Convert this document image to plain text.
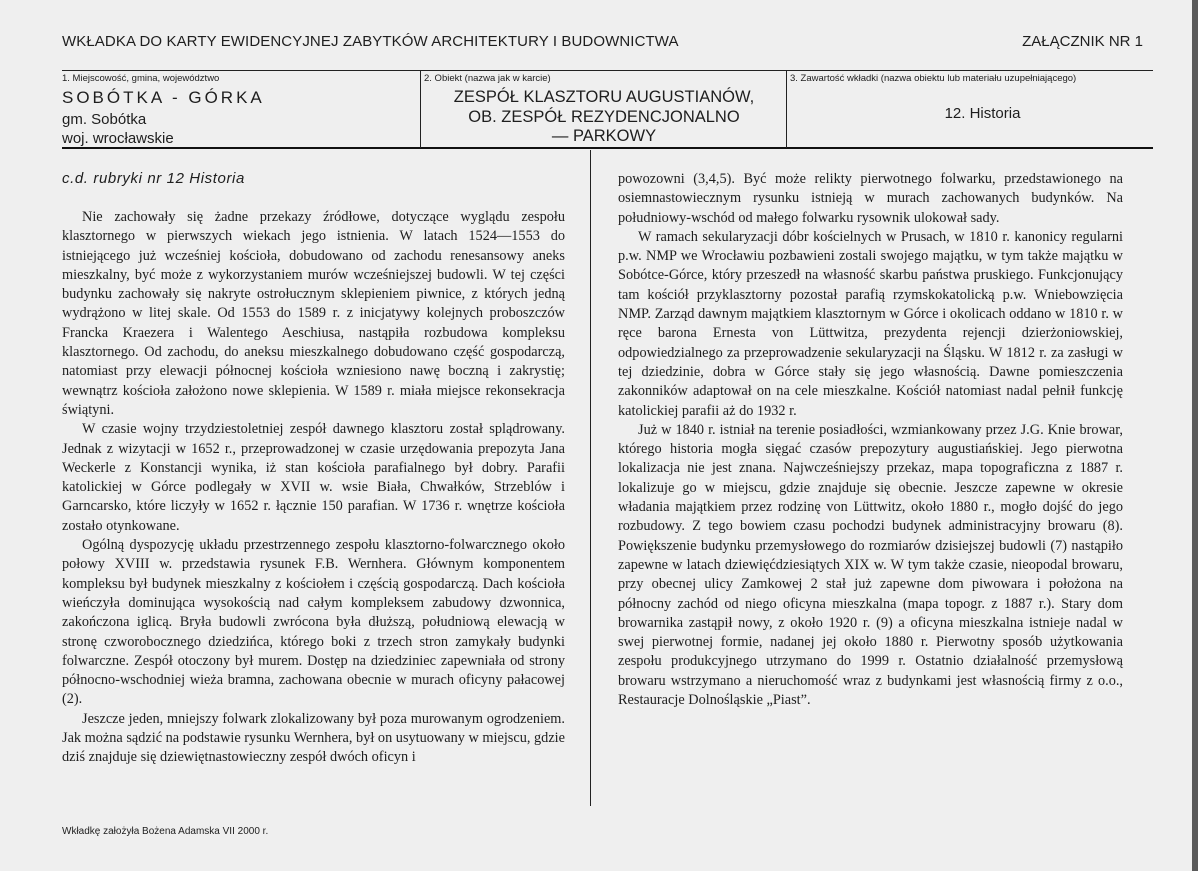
WKŁADKA DO KARTY EWIDENCYJNEJ ZABYTKÓW ARCHITEKTURY I BUDOWNICTWA	ZAŁĄCZNIK NR 1
1. Miejscowość, gmina, województwo
SOBÓTKA - GÓRKA
gm. Sobótka
woj. wrocławskie
2. Obiekt (nazwa jak w karcie)
ZESPÓŁ KLASZTORU AUGUSTIANÓW,
OB. ZESPÓŁ REZYDENCJONALNO
— PARKOWY
3. Zawartość wkładki (nazwa obiektu lub materiału uzupełniającego)
12. Historia
c.d. rubryki nr 12 Historia

Nie zachowały się żadne przekazy źródłowe, dotyczące wyglądu zespołu klasztornego w pierwszych wiekach jego istnienia. W latach 1524—1553 do istniejącego już wcześniej kościoła, dobudowano od zachodu renesansowy aneks mieszkalny, być może z wykorzystaniem murów wcześniejszej budowli. W tej części budynku zachowały się nakryte ostrołucznym sklepieniem piwnice, z których jedną wydrążono w litej skale. Od 1553 do 1589 r. z inicjatywy kolejnych proboszczów Francka Kraezera i Walentego Aeschiusa, nastąpiła rozbudowa kompleksu klasztornego. Od zachodu, do aneksu mieszkalnego dobudowano część gospodarczą, natomiast przy elewacji północnej kościoła wzniesiono nawę boczną i zakrystię; wewnątrz kościoła założono nowe sklepienia. W 1589 r. miała miejsce rekonsekracja świątyni.

W czasie wojny trzydziestoletniej zespół dawnego klasztoru został splądrowany. Jednak z wizytacji w 1652 r., przeprowadzonej w czasie urzędowania prepozyta Jana Weckerle z Konstancji wynika, iż stan kościoła parafialnego był dobry. Parafii katolickiej w Górce podlegały w XVII w. wsie Biała, Chwałków, Strzeblów i Garncarsko, które liczyły w 1652 r. łącznie 150 parafian. W 1736 r. wnętrze kościoła zostało otynkowane.

Ogólną dyspozycję układu przestrzennego zespołu klasztorno-folwarcznego około połowy XVIII w. przedstawia rysunek F.B. Wernhera. Głównym komponentem kompleksu był budynek mieszkalny z kościołem i częścią gospodarczą. Dach kościoła wieńczyła dominująca wysokością nad całym kompleksem zabudowy dzwonnica, zakończona iglicą. Bryła budowli zwrócona była dłuższą, południową elewacją w stronę czworobocznego dziedzińca, którego boki z trzech stron zamykały budynki folwarczne. Zespół otoczony był murem. Dostęp na dziedziniec zapewniała od strony północno-wschodniej wieża bramna, zachowana obecnie w murach oficyny pałacowej (2).

Jeszcze jeden, mniejszy folwark zlokalizowany był poza murowanym ogrodzeniem. Jak można sądzić na podstawie rysunku Wernhera, był on usytuowany w miejscu, gdzie dziś znajduje się dziewiętnastowieczny zespół dwóch oficyn i

powozowni (3,4,5). Być może relikty pierwotnego folwarku, przedstawionego na osiemnastowiecznym rysunku istnieją w murach zachowanych budynków. Na południowy-wschód od małego folwarku rysownik ulokował sady.

W ramach sekularyzacji dóbr kościelnych w Prusach, w 1810 r. kanonicy regularni p.w. NMP we Wrocławiu pozbawieni zostali swojego majątku, w tym także majątku w Sobótce-Górce, który przeszedł na własność skarbu państwa pruskiego. Funkcjonujący tam kościół przyklasztorny pozostał parafią rzymskokatolicką p.w. Wniebowzięcia NMP. Zarząd dawnym majątkiem klasztornym w Górce i okolicach oddano w 1810 r. w ręce barona Ernesta von Lüttwitza, prezydenta rejencji dzierżoniowskiej, odpowiedzialnego za przeprowadzenie sekularyzacji na Śląsku. W 1812 r. za zasługi w tej dziedzinie, dobra w Górce stały się jego własnością. Dawne pomieszczenia zakonników adaptował on na cele mieszkalne. Kościół natomiast nadal pełnił funkcję katolickiej parafii aż do 1932 r.

Już w 1840 r. istniał na terenie posiadłości, wzmiankowany przez J.G. Knie browar, którego historia mogła sięgać czasów prepozytury augustiańskiej. Jego pierwotna lokalizacja nie jest znana. Najwcześniejszy przekaz, mapa topograficzna z 1887 r. lokalizuje go w miejscu, gdzie znajduje się obecnie. Jeszcze zapewne w okresie władania majątkiem przez rodzinę von Lüttwitz, około 1880 r., mogło dojść do jego rozbudowy. Z tego bowiem czasu pochodzi budynek administracyjny browaru (8). Powiększenie budynku przemysłowego do rozmiarów dzisiejszej budowli (7) nastąpiło zapewne w latach dziewięćdziesiątych XIX w. W tym także czasie, nieopodal browaru, przy obecnej ulicy Zamkowej 2 stał już zapewne dom piwowara i położona na północny zachód od niego oficyna mieszkalna (mapa topogr. z 1887 r.). Stary dom browarnika zastąpił nowy, z około 1920 r. (9) a oficyna mieszkalna istnieje nadal w swej pierwotnej formie, nadanej jej około 1880 r. Pierwotny sposób użytkowania zespołu produkcyjnego utrzymano do 1999 r. Ostatnio działalność przemysłową browaru wstrzymano a nieruchomość wraz z budynkami jest własnością firmy z o.o., Restauracje Dolnośląskie „Piast”.

Wkładkę założyła Bożena Adamska VII 2000 r.
